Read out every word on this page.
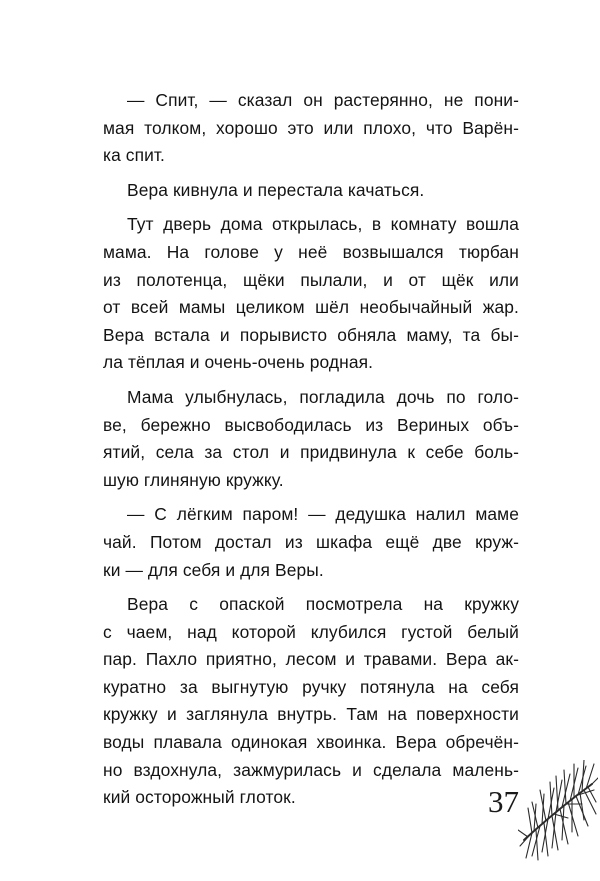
— Спит, — сказал он растерянно, не пони-
мая толком, хорошо это или плохо, что Варён-
ка спит.
Вера кивнула и перестала качаться.
Тут дверь дома открылась, в комнату вошла
мама. На голове у неё возвышался тюрбан
из полотенца, щёки пылали, и от щёк или
от всей мамы целиком шёл необычайный жар.
Вера встала и порывисто обняла маму, та бы-
ла тёплая и очень-очень родная.
Мама улыбнулась, погладила дочь по голо-
ве, бережно высвободилась из Вериных объ-
ятий, села за стол и придвинула к себе боль-
шую глиняную кружку.
— С лёгким паром! — дедушка налил маме
чай. Потом достал из шкафа ещё две круж-
ки — для себя и для Веры.
Вера с опаской посмотрела на кружку
с чаем, над которой клубился густой белый
пар. Пахло приятно, лесом и травами. Вера ак-
куратно за выгнутую ручку потянула на себя
кружку и заглянула внутрь. Там на поверхности
воды плавала одинокая хвоинка. Вера обречён-
но вздохнула, зажмурилась и сделала малень-
кий осторожный глоток.	37
